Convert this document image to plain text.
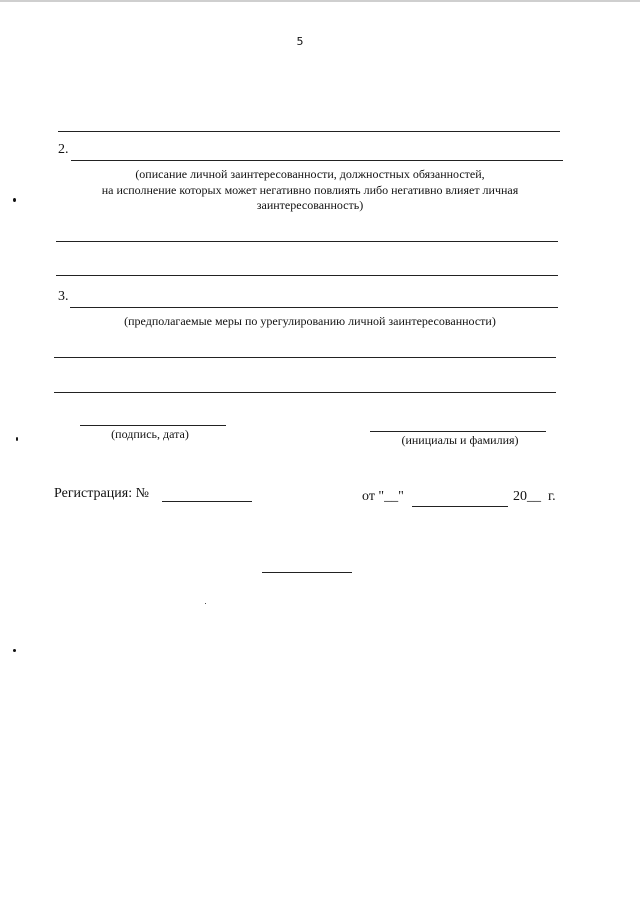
5
2.
(описание личной заинтересованности, должностных обязанностей,
на исполнение которых может негативно повлиять либо негативно влияет личная
заинтересованность)
3.
(предполагаемые меры по урегулированию личной заинтересованности)
(подпись, дата)	(инициалы и фамилия)
Регистрация: №	от "__"	20__ г.
